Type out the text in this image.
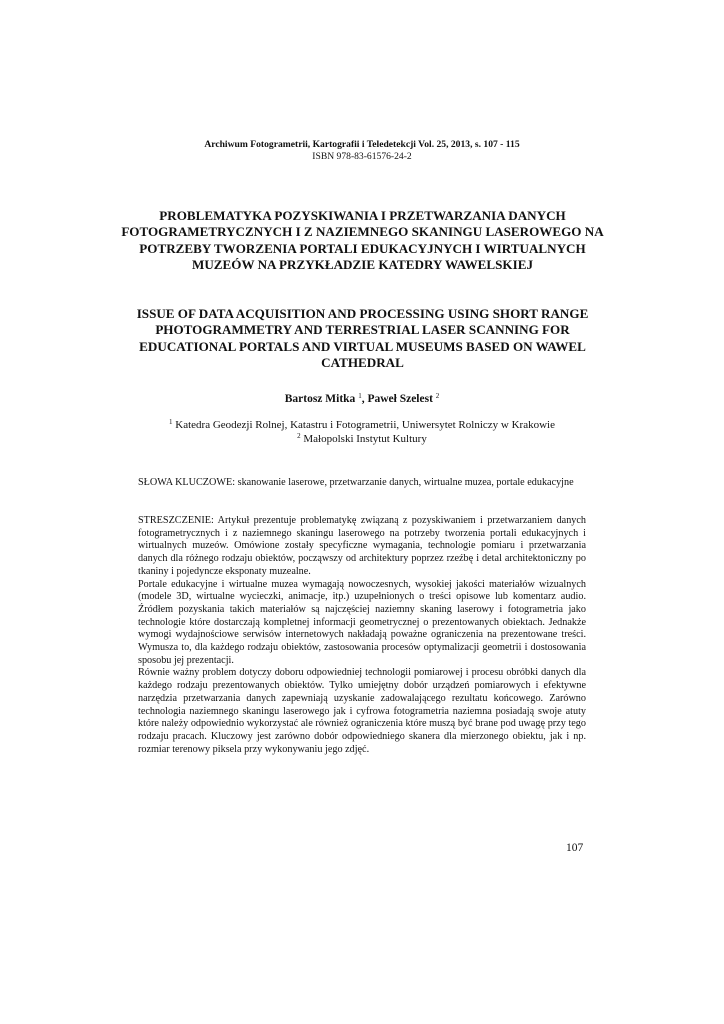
Archiwum Fotogrametrii, Kartografii i Teledetekcji Vol. 25, 2013, s. 107 - 115
ISBN 978-83-61576-24-2
PROBLEMATYKA POZYSKIWANIA I PRZETWARZANIA DANYCH FOTOGRAMETRYCZNYCH I Z NAZIEMNEGO SKANINGU LASEROWEGO NA POTRZEBY TWORZENIA PORTALI EDUKACYJNYCH I WIRTUALNYCH MUZEÓW NA PRZYKŁADZIE KATEDRY WAWELSKIEJ
ISSUE OF DATA ACQUISITION AND PROCESSING USING SHORT RANGE PHOTOGRAMMETRY AND TERRESTRIAL LASER SCANNING FOR EDUCATIONAL PORTALS AND VIRTUAL MUSEUMS BASED ON WAWEL CATHEDRAL
Bartosz Mitka $^1$, Paweł Szelest $^2$
$^1$ Katedra Geodezji Rolnej, Katastru i Fotogrametrii, Uniwersytet Rolniczy w Krakowie
$^2$ Małopolski Instytut Kultury

SŁOWA KLUCZOWE: skanowanie laserowe, przetwarzanie danych, wirtualne muzea, portale edukacyjne

STRESZCZENIE: Artykuł prezentuje problematykę związaną z pozyskiwaniem i przetwarzaniem danych fotogrametrycznych i z naziemnego skaningu laserowego na potrzeby tworzenia portali edukacyjnych i wirtualnych muzeów. Omówione zostały specyficzne wymagania, technologie pomiaru i przetwarzania danych dla różnego rodzaju obiektów, począwszy od architektury poprzez rzeźbę i detal architektoniczny po tkaniny i pojedyncze eksponaty muzealne.

Portale edukacyjne i wirtualne muzea wymagają nowoczesnych, wysokiej jakości materiałów wizualnych (modele 3D, wirtualne wycieczki, animacje, itp.) uzupełnionych o treści opisowe lub komentarz audio. Źródłem pozyskania takich materiałów są najczęściej naziemny skaning laserowy i fotogrametria jako technologie które dostarczają kompletnej informacji geometrycznej o prezentowanych obiektach. Jednakże wymogi wydajnościowe serwisów internetowych nakładają poważne ograniczenia na prezentowane treści. Wymusza to, dla każdego rodzaju obiektów, zastosowania procesów optymalizacji geometrii i dostosowania sposobu jej prezentacji.

Równie ważny problem dotyczy doboru odpowiedniej technologii pomiarowej i procesu obróbki danych dla każdego rodzaju prezentowanych obiektów. Tylko umiejętny dobór urządzeń pomiarowych i efektywne narzędzia przetwarzania danych zapewniają uzyskanie zadowalającego rezultatu końcowego. Zarówno technologia naziemnego skaningu laserowego jak i cyfrowa fotogrametria naziemna posiadają swoje atuty które należy odpowiednio wykorzystać ale również ograniczenia które muszą być brane pod uwagę przy tego rodzaju pracach. Kluczowy jest zarówno dobór odpowiedniego skanera dla mierzonego obiektu, jak i np. rozmiar terenowy piksela przy wykonywaniu jego zdjęć.

107
